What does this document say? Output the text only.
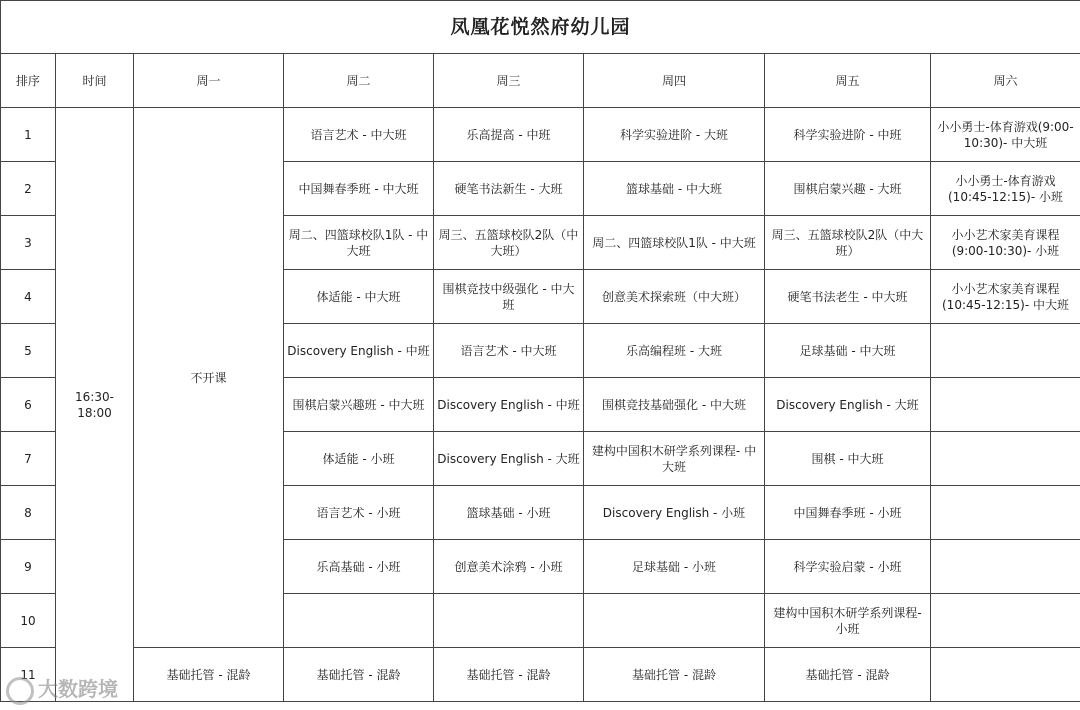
凤凰花悦然府幼儿园							
排序	时间	周一	周二	周三	周四	周五	周六
1	16:30-18:00	不开课	语言艺术 - 中大班	乐高提高 - 中班	科学实验进阶 - 大班	科学实验进阶 - 中班	小小勇士-体育游戏(9:00-10:30)- 中大班
2			中国舞春季班 - 中大班	硬笔书法新生 - 大班	篮球基础 - 中大班	围棋启蒙兴趣 - 大班	小小勇士-体育游戏(10:45-12:15)- 小班
3			周二、四篮球校队1队 - 中大班	周三、五篮球校队2队（中大班）	周二、四篮球校队1队 - 中大班	周三、五篮球校队2队（中大班）	小小艺术家美育课程(9:00-10:30)- 小班
4			体适能 - 中大班	围棋竞技中级强化 - 中大班	创意美术探索班（中大班）	硬笔书法老生 - 中大班	小小艺术家美育课程(10:45-12:15)- 中大班
5			Discovery English - 中班	语言艺术 - 中大班	乐高编程班 - 大班	足球基础 - 中大班	
6			围棋启蒙兴趣班 - 中大班	Discovery English - 中班	围棋竞技基础强化 - 中大班	Discovery English - 大班	
7			体适能 - 小班	Discovery English - 大班	建构中国积木研学系列课程- 中大班	围棋 - 中大班	
8			语言艺术 - 小班	篮球基础 - 小班	Discovery English - 小班	中国舞春季班 - 小班	
9			乐高基础 - 小班	创意美术涂鸦 - 小班	足球基础 - 小班	科学实验启蒙 - 小班	
10						建构中国积木研学系列课程-小班	
11		基础托管 - 混龄	基础托管 - 混龄	基础托管 - 混龄	基础托管 - 混龄	基础托管 - 混龄	
大数跨境
